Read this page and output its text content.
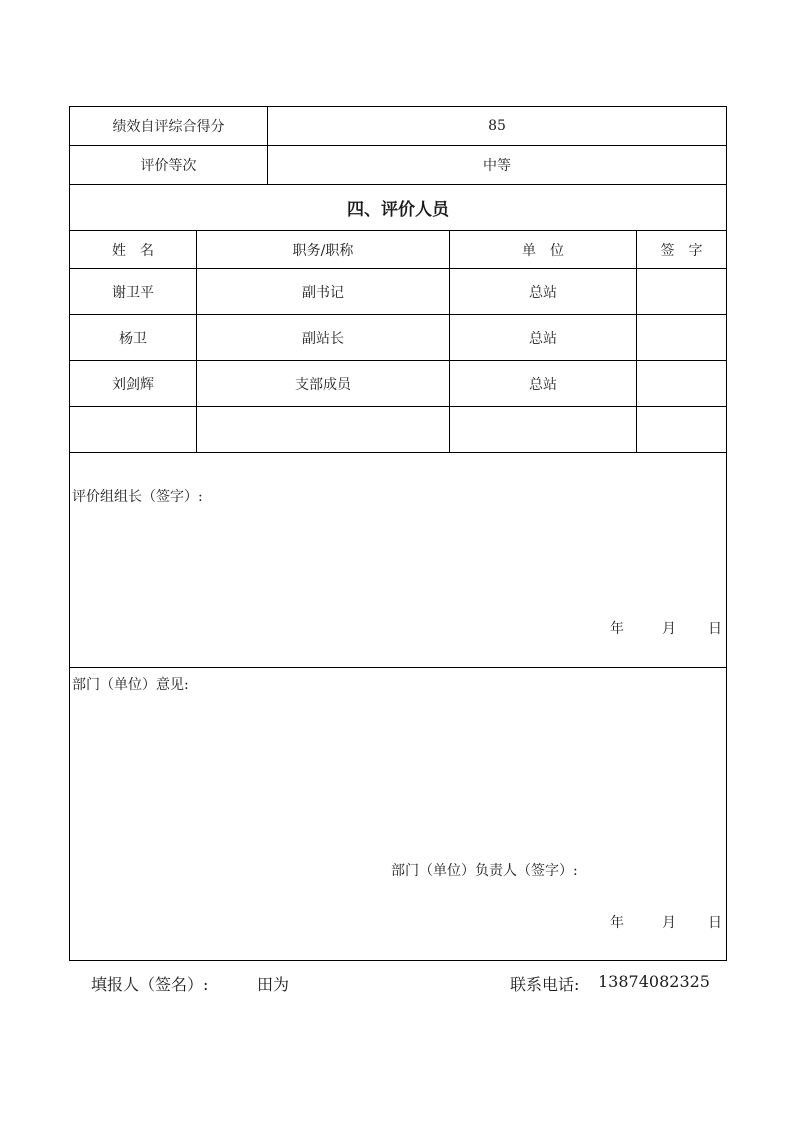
绩效自评综合得分	85
评价等次	中等
四、评价人员
姓　名	职务/职称	单　位	签　字
谢卫平	副书记	总站
杨卫	副站长	总站
刘剑辉	支部成员	总站
评价组组长（签字）:
年	月	日
部门（单位）意见:
部门（单位）负责人（签字）:
年	月	日
填报人（签名）:	田为	联系电话: 13874082325
